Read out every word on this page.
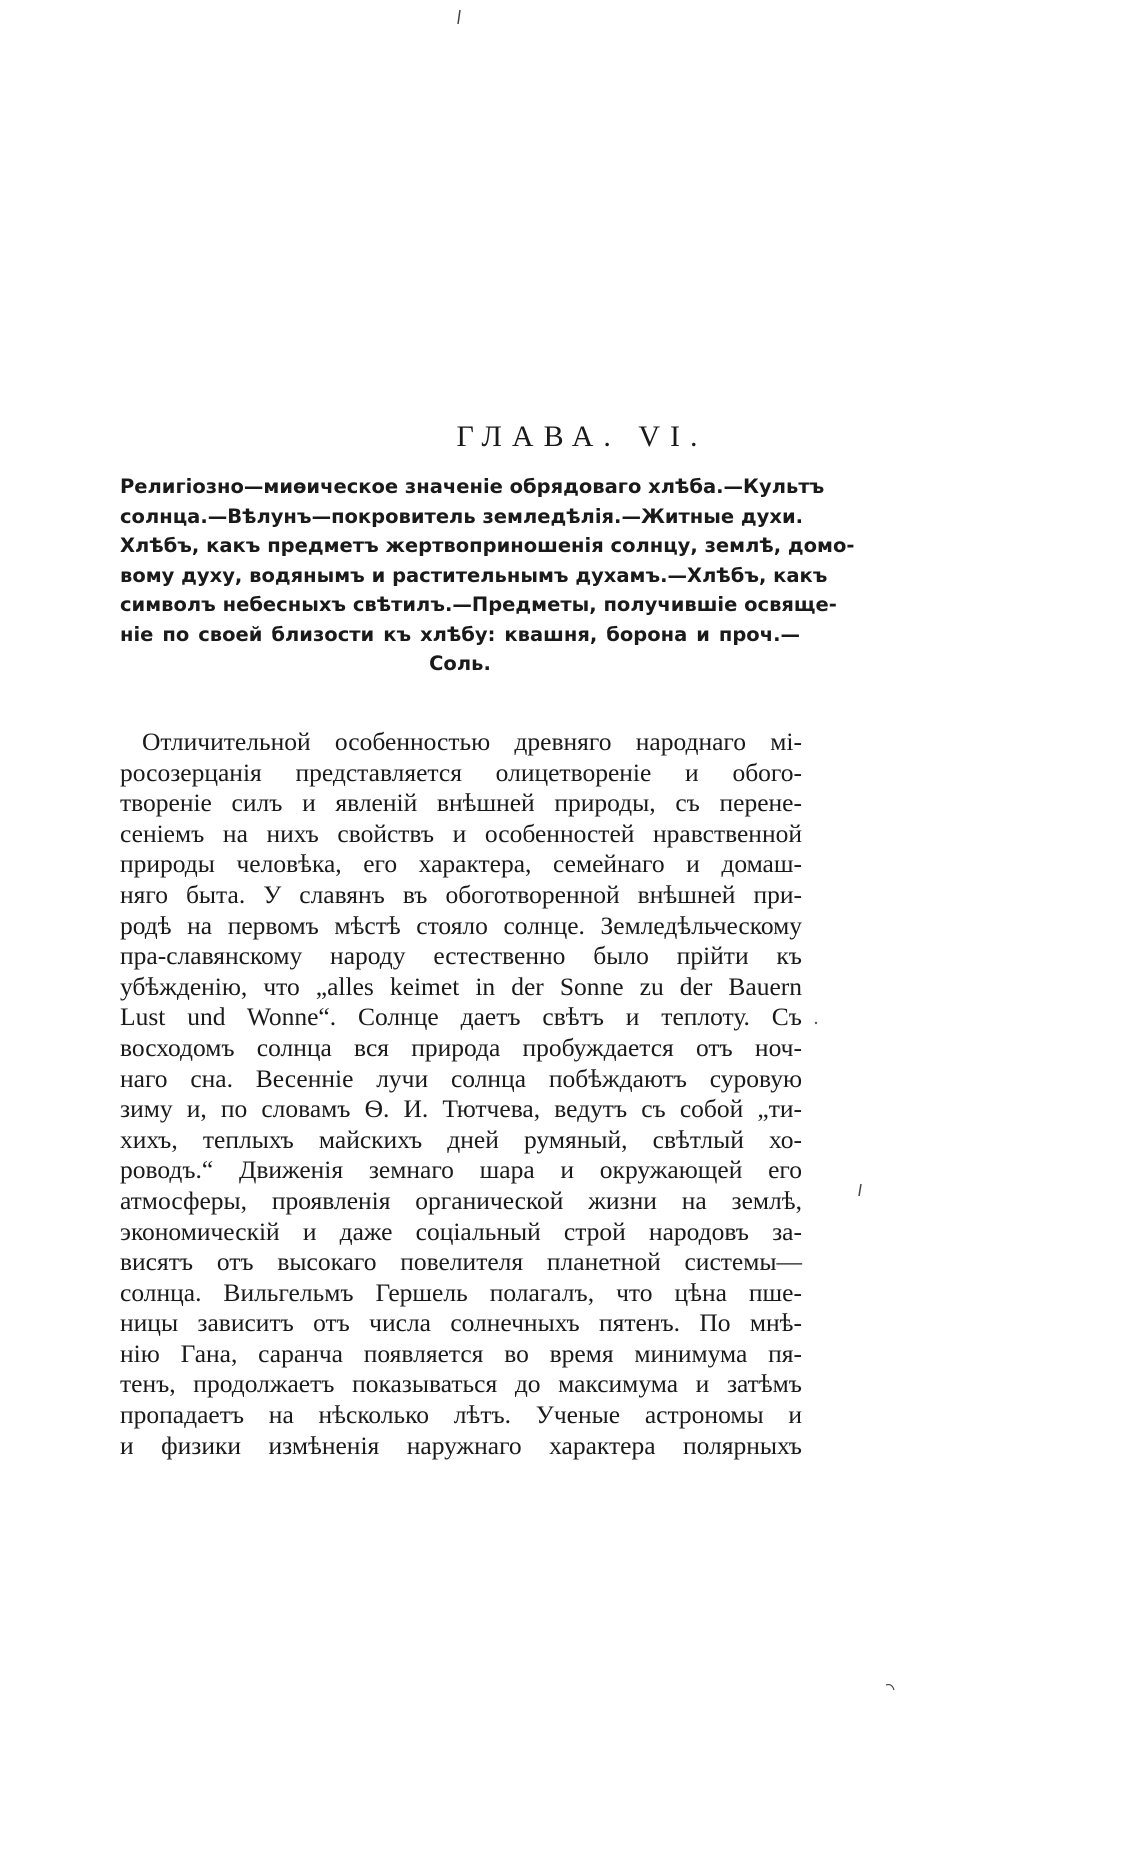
ГЛАВА. VI.
Религіозно—миѳическое значеніе обрядоваго хлѣба.—Культъ
солнца.—Вѣлунъ—покровитель земледѣлія.—Житные духи.
Хлѣбъ, какъ предметъ жертвоприношенія солнцу, землѣ, домо-
вому духу, водянымъ и растительнымъ духамъ.—Хлѣбъ, какъ
символъ небесныхъ свѣтилъ.—Предметы, получившіе освяще-
ніе по своей близости къ хлѣбу: квашня, борона и проч.—
Соль.
Отличительной особенностью древняго народнаго мі-
росозерцанія представляется олицетвореніе и обого-
твореніе силъ и явленій внѣшней природы, съ перене-
сеніемъ на нихъ свойствъ и особенностей нравственной
природы человѣка, его характера, семейнаго и домаш-
няго быта. У славянъ въ обоготворенной внѣшней при-
родѣ на первомъ мѣстѣ стояло солнце. Земледѣльческому
пра-славянскому народу естественно было прійти къ
убѣжденію, что „alles keimet in der Sonne zu der Bauern
Lust und Wonne“. Солнце даетъ свѣтъ и теплоту. Съ
восходомъ солнца вся природа пробуждается отъ ноч-
наго сна. Весенніе лучи солнца побѣждаютъ суровую
зиму и, по словамъ Ѳ. И. Тютчева, ведутъ съ собой „ти-
хихъ, теплыхъ майскихъ дней румяный, свѣтлый хо-
роводъ.“ Движенія земнаго шара и окружающей его
атмосферы, проявленія органической жизни на землѣ,
экономическій и даже соціальный строй народовъ за-
висятъ отъ высокаго повелителя планетной системы—
солнца. Вильгельмъ Гершель полагалъ, что цѣна пше-
ницы зависитъ отъ числа солнечныхъ пятенъ. По мнѣ-
нію Гана, саранча появляется во время минимума пя-
тенъ, продолжаетъ показываться до максимума и затѣмъ
пропадаетъ на нѣсколько лѣтъ. Ученые астрономы и
и физики измѣненія наружнаго характера полярныхъ
